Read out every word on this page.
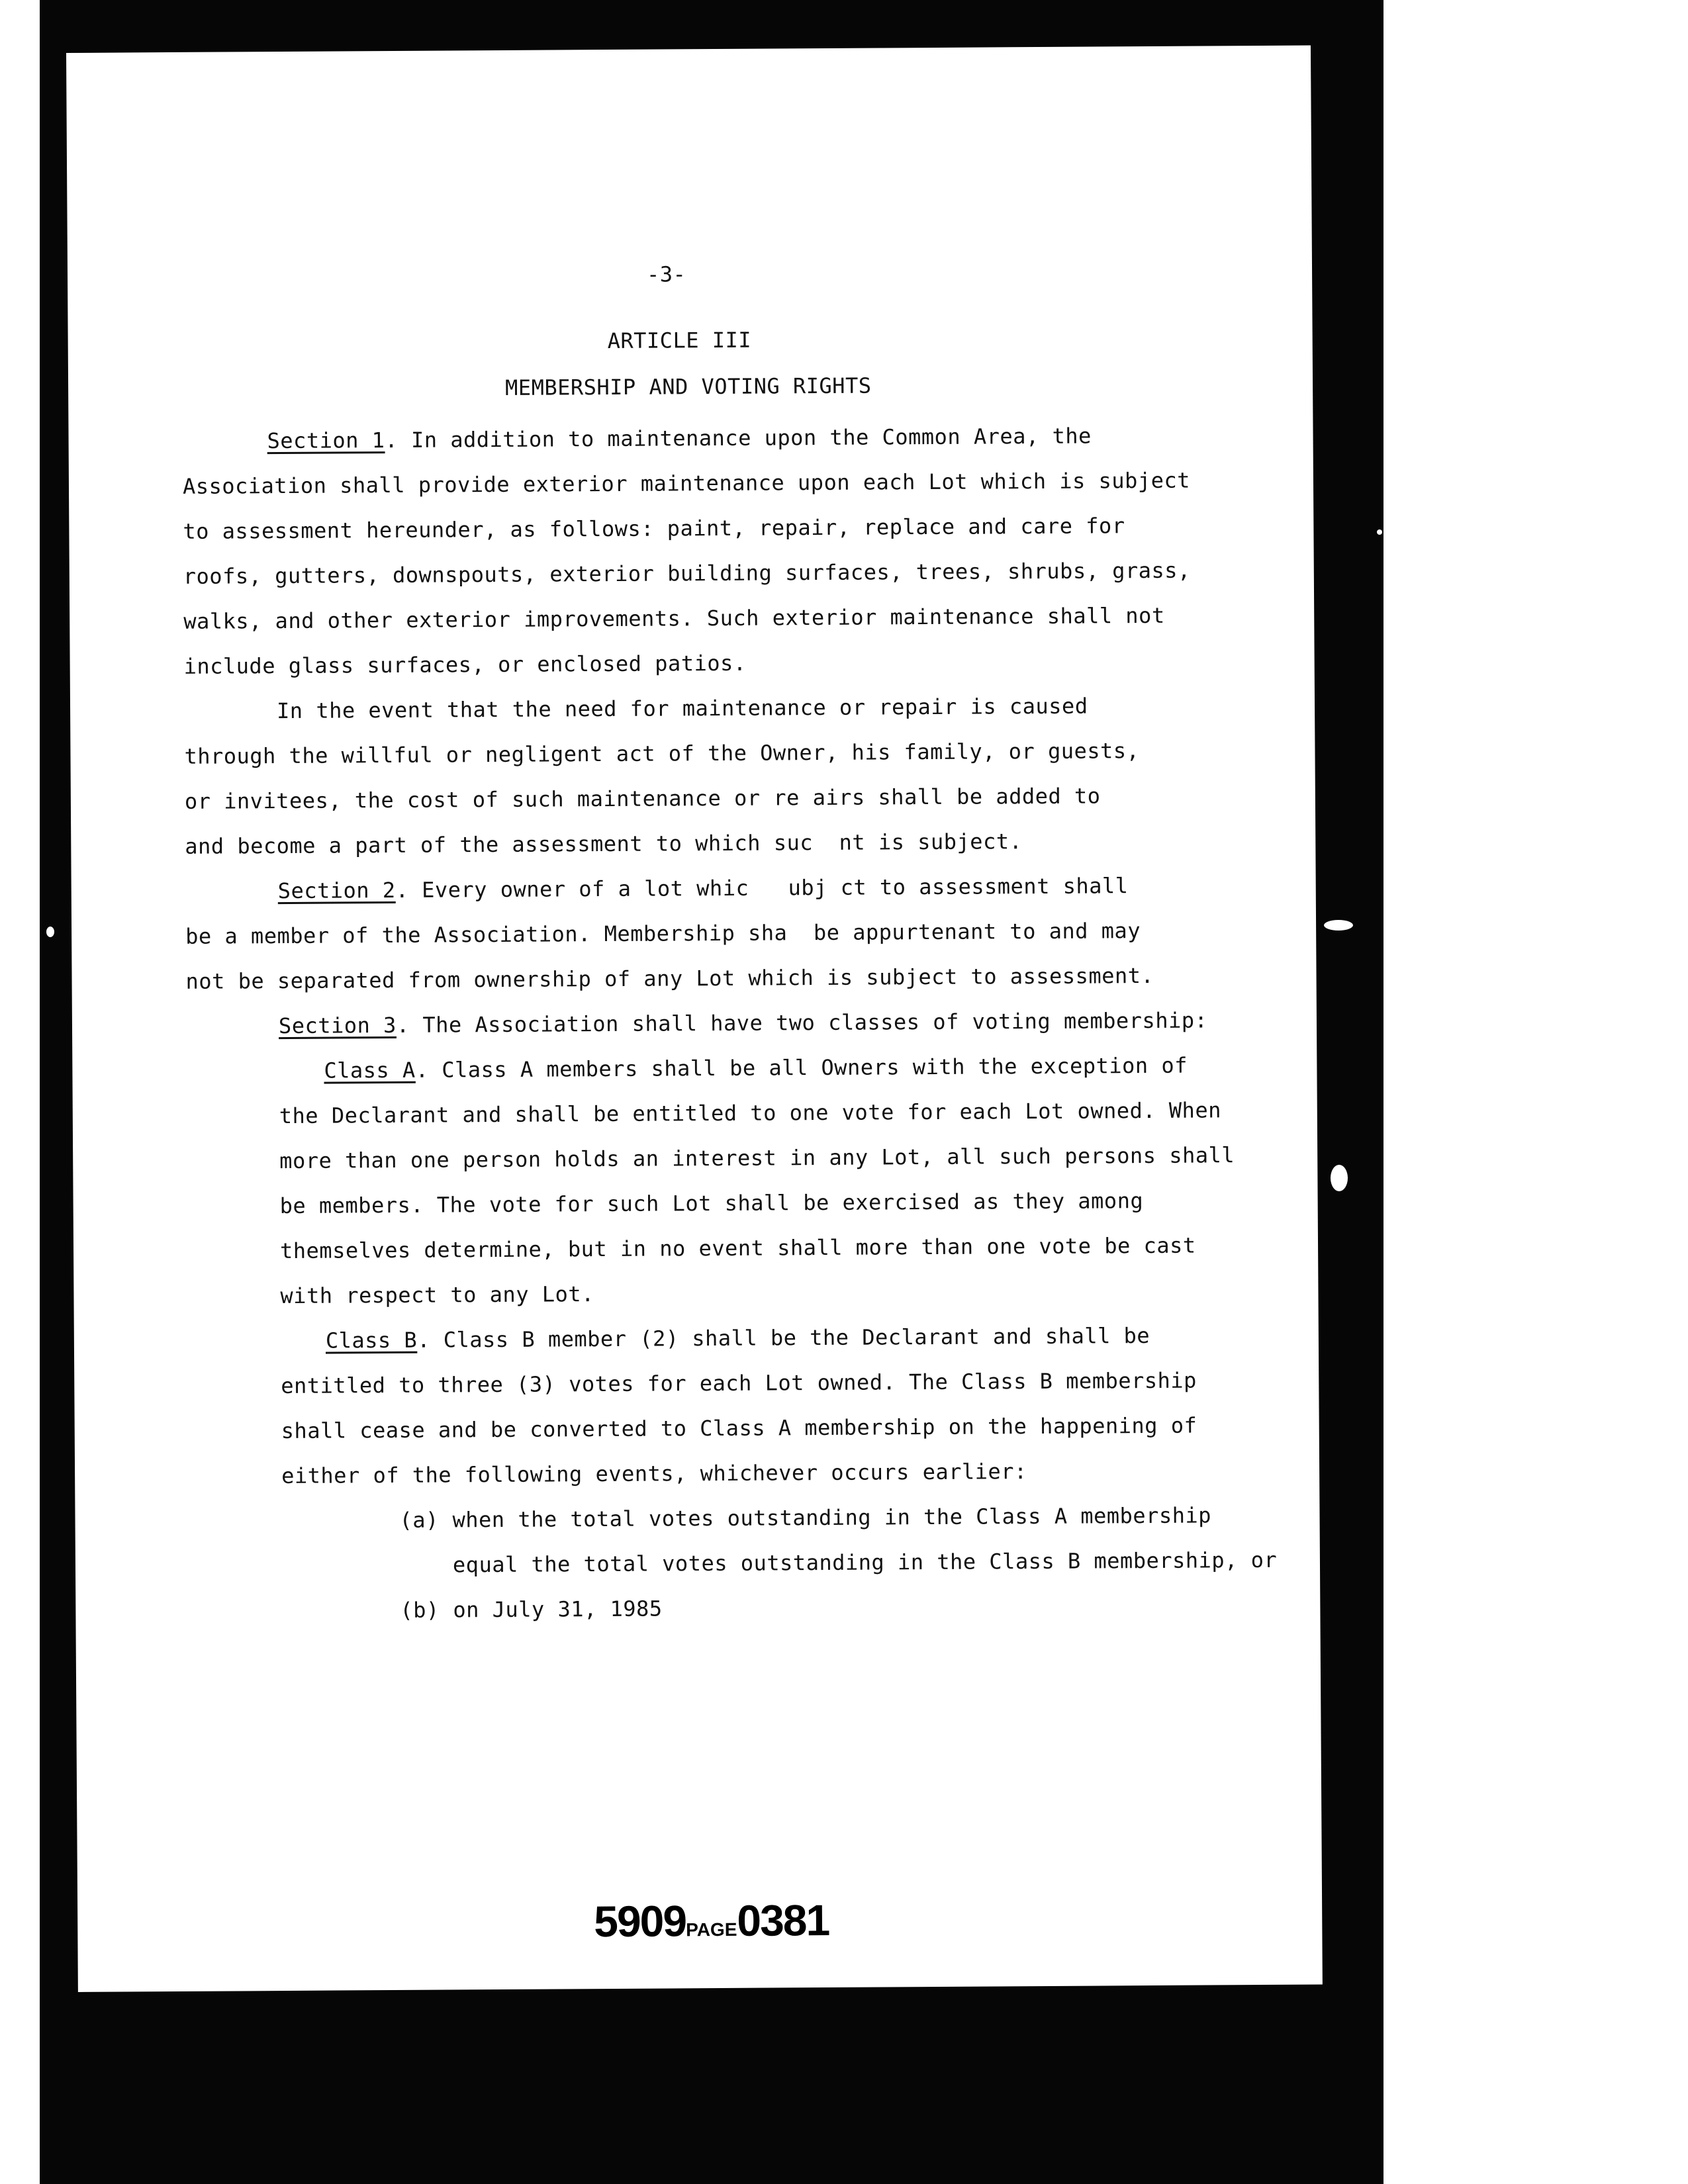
-3-
ARTICLE III
MEMBERSHIP AND VOTING RIGHTS
Section 1. In addition to maintenance upon the Common Area, the
Association shall provide exterior maintenance upon each Lot which is subject
to assessment hereunder, as follows: paint, repair, replace and care for
roofs, gutters, downspouts, exterior building surfaces, trees, shrubs, grass,
walks, and other exterior improvements. Such exterior maintenance shall not
include glass surfaces, or enclosed patios.
In the event that the need for maintenance or repair is caused
through the willful or negligent act of the Owner, his family, or guests,
or invitees, the cost of such maintenance or re airs shall be added to
and become a part of the assessment to which suc  nt is subject.
Section 2. Every owner of a lot whic   ubj ct to assessment shall
be a member of the Association. Membership sha  be appurtenant to and may
not be separated from ownership of any Lot which is subject to assessment.
Section 3. The Association shall have two classes of voting membership:
Class A. Class A members shall be all Owners with the exception of
the Declarant and shall be entitled to one vote for each Lot owned. When
more than one person holds an interest in any Lot, all such persons shall
be members. The vote for such Lot shall be exercised as they among
themselves determine, but in no event shall more than one vote be cast
with respect to any Lot.
Class B. Class B member (2) shall be the Declarant and shall be
entitled to three (3) votes for each Lot owned. The Class B membership
shall cease and be converted to Class A membership on the happening of
either of the following events, whichever occurs earlier:
(a) when the total votes outstanding in the Class A membership
equal the total votes outstanding in the Class B membership, or
(b) on July 31, 1985
5909PAGE0381
